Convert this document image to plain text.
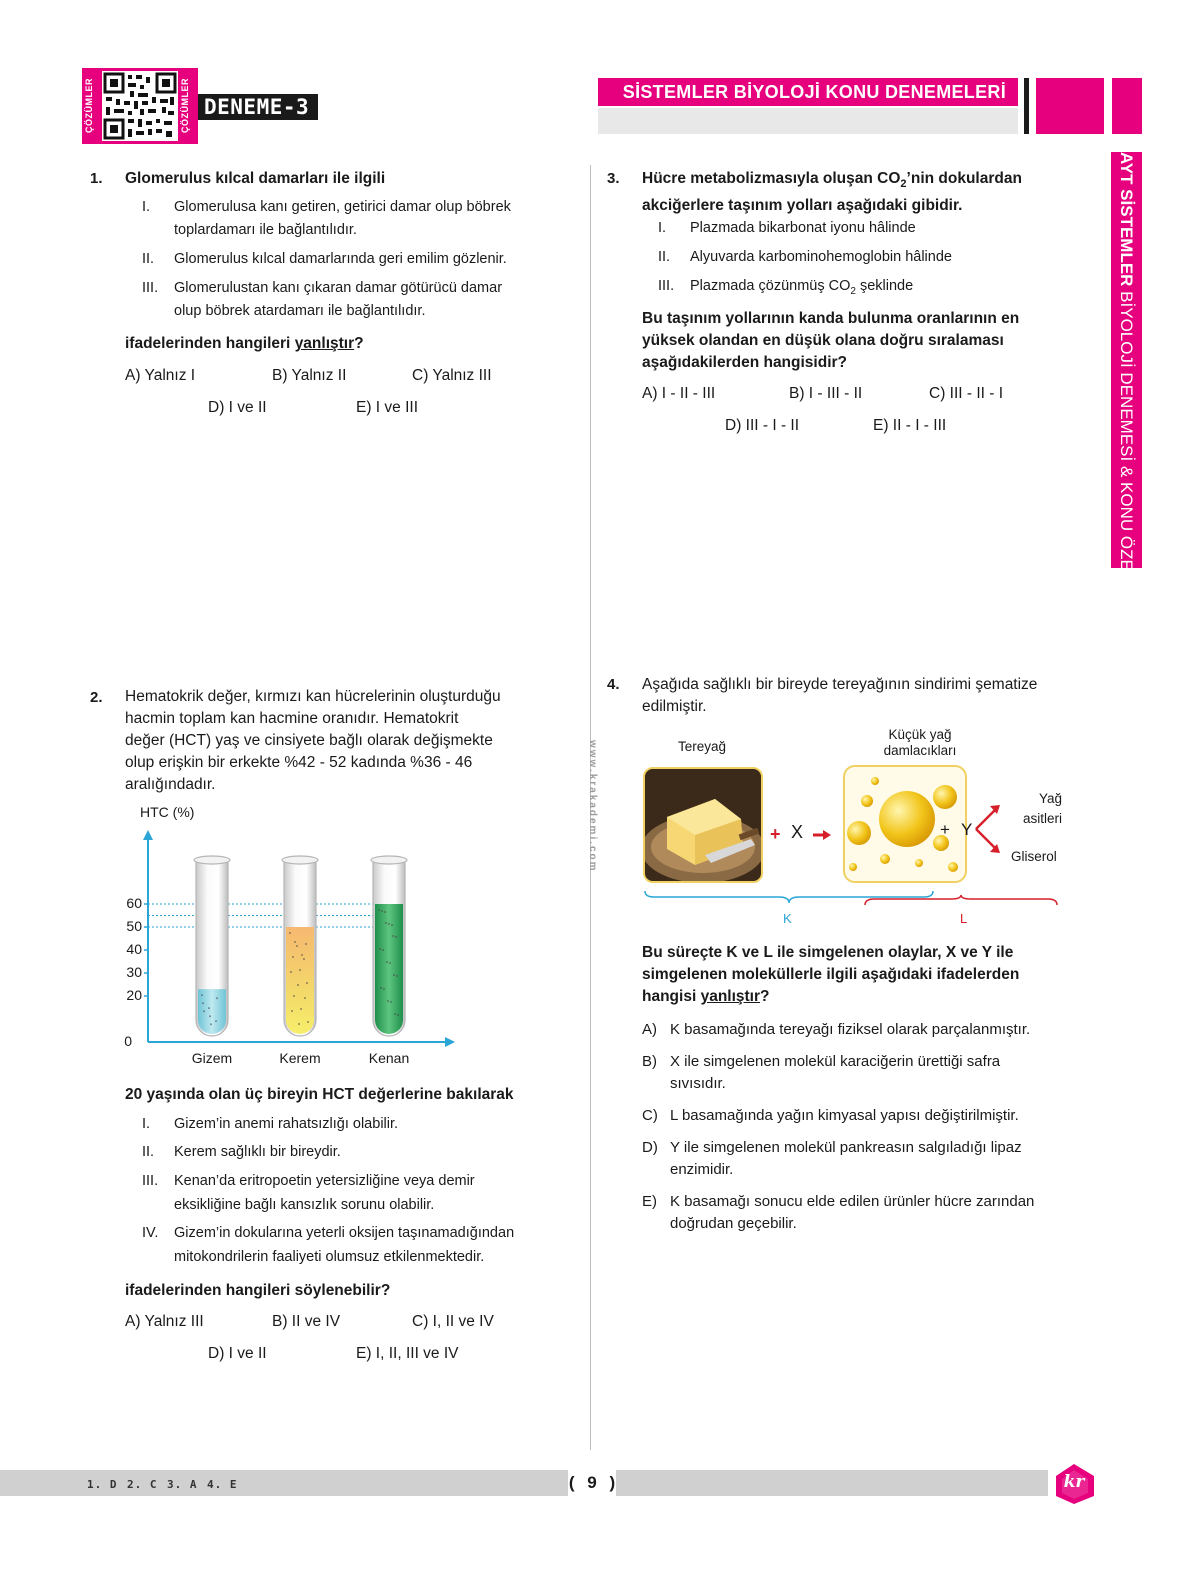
ÇÖZÜMLER	ÇÖZÜMLER DENEME-3
SİSTEMLER BİYOLOJİ KONU DENEMELERİ
AYT SİSTEMLER BİYOLOJİ DENEMESİ & KONU ÖZETLERİ
www.krakademi.com
1. Glomerulus kılcal damarları ile ilgili
I. Glomerulusa kanı getiren, getirici damar olup böbrek
toplardamarı ile bağlantılıdır.
II. Glomerulus kılcal damarlarında geri emilim gözlenir.
III. Glomerulustan kanı çıkaran damar götürücü damar
olup böbrek atardamarı ile bağlantılıdır.
ifadelerinden hangileri yanlıştır?
A) Yalnız I	B) Yalnız II	C) Yalnız III
D) I ve II	E) I ve III
2. Hematokrik değer, kırmızı kan hücrelerinin oluşturduğu
hacmin toplam kan hacmine oranıdır. Hematokrit
değer (HCT) yaş ve cinsiyete bağlı olarak değişmekte
olup erişkin bir erkekte %42 - 52 kadında %36 - 46
aralığındadır.
HTC (%)
0
20
30
40
50
60
Gizem	Kerem	Kenan
20 yaşında olan üç bireyin HCT değerlerine bakılarak
I. Gizem’in anemi rahatsızlığı olabilir.
II. Kerem sağlıklı bir bireydir.
III. Kenan’da eritropoetin yetersizliğine veya demir
eksikliğine bağlı kansızlık sorunu olabilir.
IV. Gizem’in dokularına yeterli oksijen taşınamadığından
mitokondrilerin faaliyeti olumsuz etkilenmektedir.
ifadelerinden hangileri söylenebilir?
A) Yalnız III	B) II ve IV	C) I, II ve IV
D) I ve II	E) I, II, III ve IV
3. Hücre metabolizmasıyla oluşan $CO_2’nin$ dokulardan
akciğerlere taşınım yolları aşağıdaki gibidir.
I. Plazmada bikarbonat iyonu hâlinde
II. Alyuvarda karbominohemoglobin hâlinde
III. Plazmada çözünmüş $CO_2$ şeklinde
Bu taşınım yollarının kanda bulunma oranlarının en
yüksek olandan en düşük olana doğru sıralaması
aşağıdakilerden hangisidir?
A) I - II - III	B) I - III - II	C) III - II - I
D) III - I - II	E) II - I - III
4. Aşağıda sağlıklı bir bireyde tereyağının sindirimi şematize
edilmiştir.
Tereyağ
Küçük yağ
damlacıkları
+ X	+ Y
Yağ
asitleri
Gliserol
K	L
Bu süreçte K ve L ile simgelenen olaylar, X ve Y ile
simgelenen moleküllerle ilgili aşağıdaki ifadelerden
hangisi yanlıştır?
A) K basamağında tereyağı fiziksel olarak parçalanmıştır.
B) X ile simgelenen molekül karaciğerin ürettiği safra
sıvısıdır.
C) L basamağında yağın kimyasal yapısı değiştirilmiştir.
D) Y ile simgelenen molekül pankreasın salgıladığı lipaz
enzimidir.
E) K basamağı sonucu elde edilen ürünler hücre zarından
doğrudan geçebilir.
1. D 2. C 3. A 4. E	( 9 )	kr
